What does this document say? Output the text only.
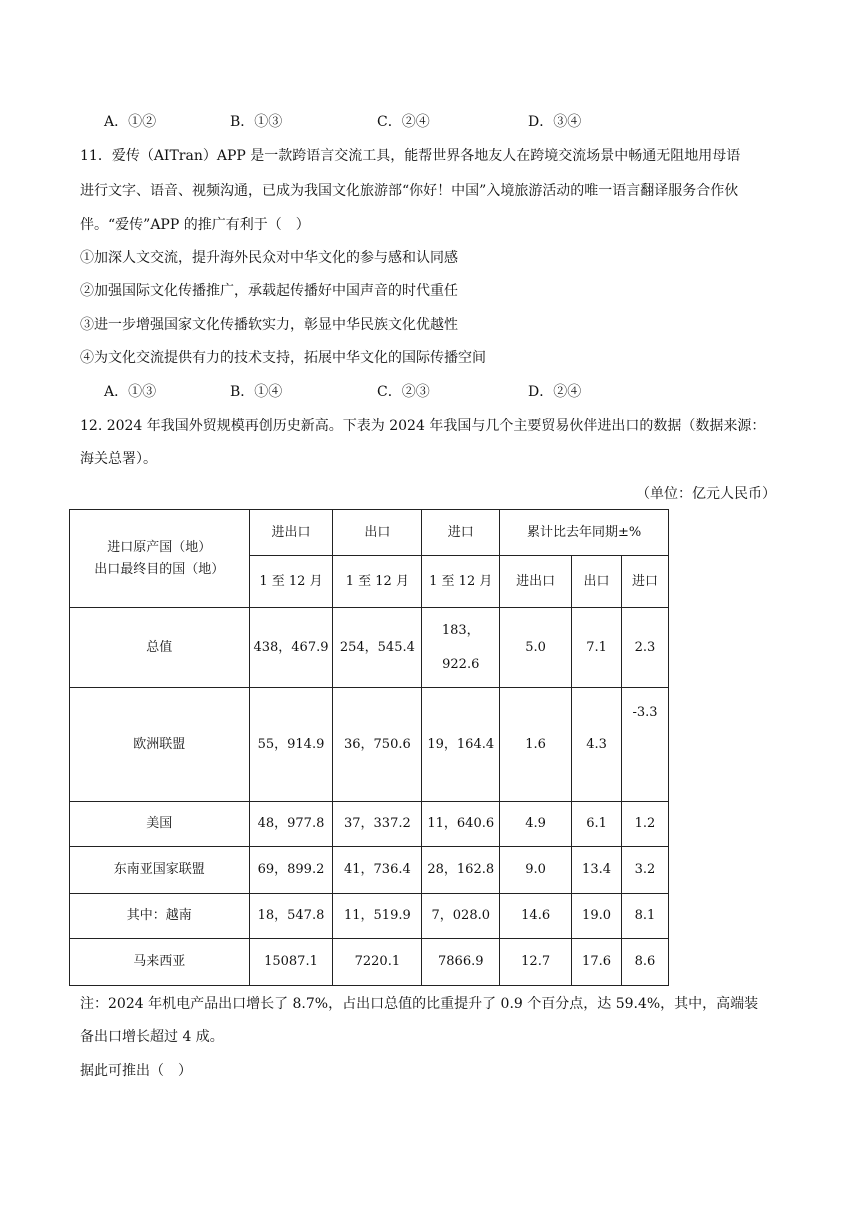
A．①②	B．①③	C．②④	D．③④
11．爱传（AITran）APP 是一款跨语言交流工具，能帮世界各地友人在跨境交流场景中畅通无阻地用母语
进行文字、语音、视频沟通，已成为我国文化旅游部“你好！中国”入境旅游活动的唯一语言翻译服务合作伙
伴。“爱传”APP 的推广有利于（　）
①加深人文交流，提升海外民众对中华文化的参与感和认同感
②加强国际文化传播推广，承载起传播好中国声音的时代重任
③进一步增强国家文化传播软实力，彰显中华民族文化优越性
④为文化交流提供有力的技术支持，拓展中华文化的国际传播空间
A．①③	B．①④	C．②③	D．②④
12. 2024 年我国外贸规模再创历史新高。下表为 2024 年我国与几个主要贸易伙伴进出口的数据（数据来源：
海关总署）。
（单位：亿元人民币）
进口原产国（地）
出口最终目的国（地）	进出口	出口	进口	累计比去年同期±%		
	1 至 12 月	1 至 12 月	1 至 12 月	进出口	出口	进口
总值	438，467.9	254，545.4	183，
922.6	5.0	7.1	2.3
欧洲联盟	55，914.9	36，750.6	19，164.4	1.6	4.3	-3.3
美国	48，977.8	37，337.2	11，640.6	4.9	6.1	1.2
东南亚国家联盟	69，899.2	41，736.4	28，162.8	9.0	13.4	3.2
其中：越南	18，547.8	11，519.9	7，028.0	14.6	19.0	8.1
马来西亚	15087.1	7220.1	7866.9	12.7	17.6	8.6
注：2024 年机电产品出口增长了 8.7%，占出口总值的比重提升了 0.9 个百分点，达 59.4%，其中，高端装
备出口增长超过 4 成。
据此可推出（　）
